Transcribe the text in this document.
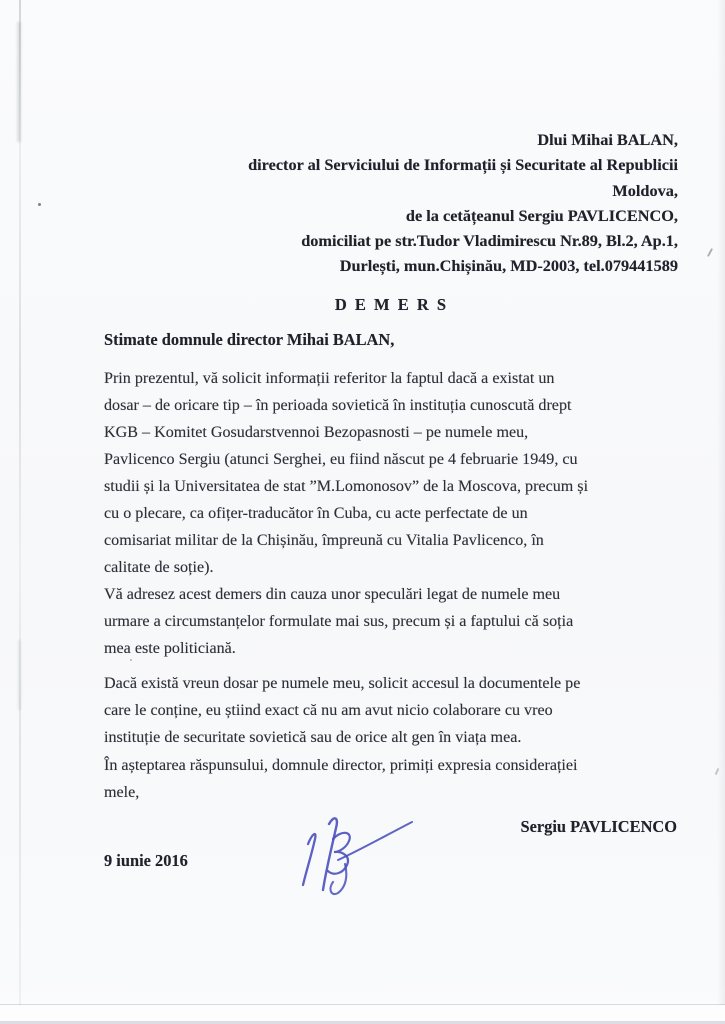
Dlui Mihai BALAN,
director al Serviciului de Informații și Securitate al Republicii
Moldova,
de la cetățeanul Sergiu PAVLICENCO,
domiciliat pe str.Tudor Vladimirescu Nr.89, Bl.2, Ap.1,
Durlești, mun.Chișinău, MD-2003, tel.079441589
D E M E R S
Stimate domnule director Mihai BALAN,
Prin prezentul, vă solicit informații referitor la faptul dacă a existat un
dosar – de oricare tip – în perioada sovietică în instituția cunoscută drept
KGB – Komitet Gosudarstvennoi Bezopasnosti – pe numele meu,
Pavlicenco Sergiu (atunci Serghei, eu fiind născut pe 4 februarie 1949, cu
studii și la Universitatea de stat ”M.Lomonosov” de la Moscova, precum și
cu o plecare, ca ofițer-traducător în Cuba, cu acte perfectate de un
comisariat militar de la Chișinău, împreună cu Vitalia Pavlicenco, în
calitate de soție).
Vă adresez acest demers din cauza unor speculări legat de numele meu
urmare a circumstanțelor formulate mai sus, precum și a faptului că soția
mea este politiciană.
Dacă există vreun dosar pe numele meu, solicit accesul la documentele pe
care le conține, eu știind exact că nu am avut nicio colaborare cu vreo
instituție de securitate sovietică sau de orice alt gen în viața mea.
În așteptarea răspunsului, domnule director, primiți expresia considerației
mele,
Sergiu PAVLICENCO
9 iunie 2016
